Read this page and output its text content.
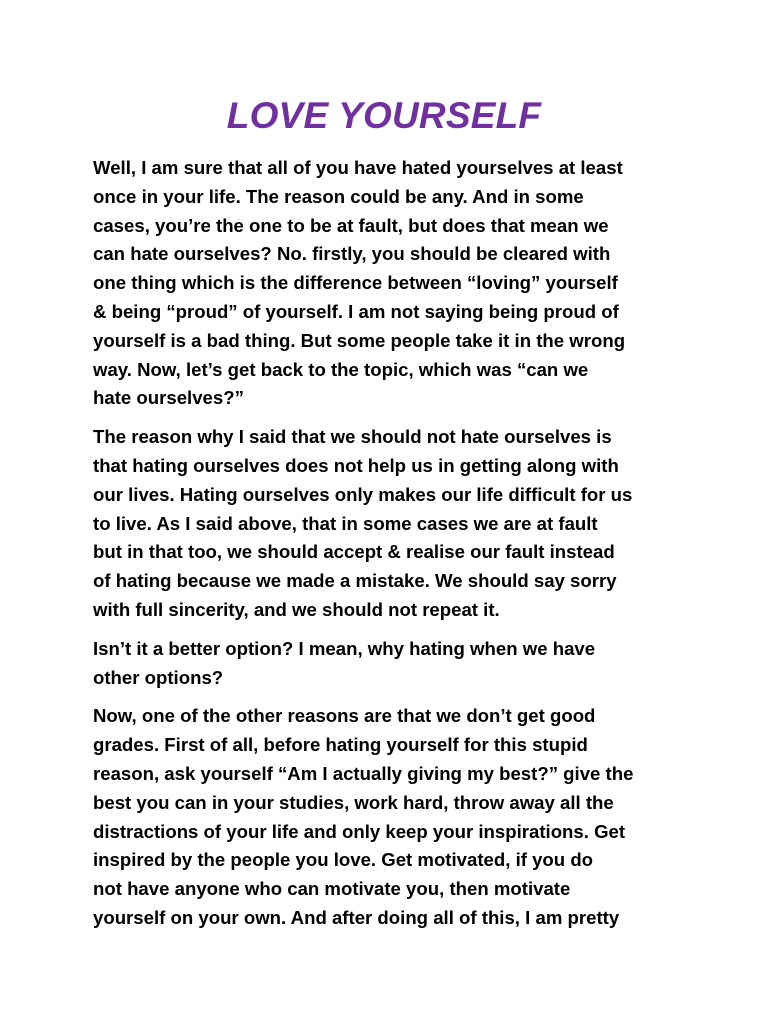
LOVE YOURSELF

Well, I am sure that all of you have hated yourselves at least
once in your life. The reason could be any. And in some
cases, you’re the one to be at fault, but does that mean we
can hate ourselves? No. firstly, you should be cleared with
one thing which is the difference between “loving” yourself
& being “proud” of yourself. I am not saying being proud of
yourself is a bad thing. But some people take it in the wrong
way. Now, let’s get back to the topic, which was “can we
hate ourselves?”

The reason why I said that we should not hate ourselves is
that hating ourselves does not help us in getting along with
our lives. Hating ourselves only makes our life difficult for us
to live. As I said above, that in some cases we are at fault
but in that too, we should accept & realise our fault instead
of hating because we made a mistake. We should say sorry
with full sincerity, and we should not repeat it.

Isn’t it a better option? I mean, why hating when we have
other options?

Now, one of the other reasons are that we don’t get good
grades. First of all, before hating yourself for this stupid
reason, ask yourself “Am I actually giving my best?” give the
best you can in your studies, work hard, throw away all the
distractions of your life and only keep your inspirations. Get
inspired by the people you love. Get motivated, if you do
not have anyone who can motivate you, then motivate
yourself on your own. And after doing all of this, I am pretty
